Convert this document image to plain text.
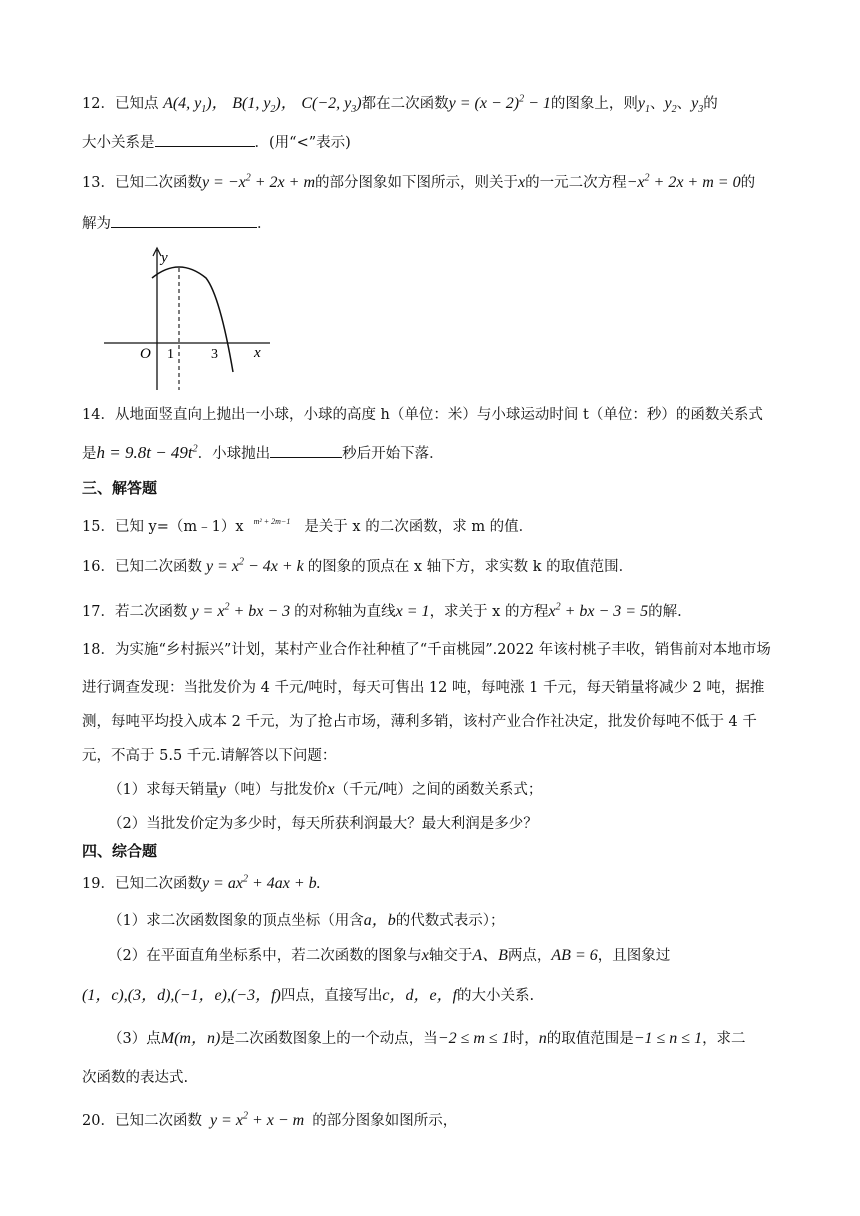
12．已知点 A(4, $y_1$)， B(1, $y_2$)， C(−2, $y_3$)都在二次函数$y = (x - 2)^2 - 1$的图象上，则$y_1$、$y_2$、$y_3$的
大小关系是	．(用“<”表示)
13．已知二次函数$y = -x^2 + 2x + m$的部分图象如下图所示，则关于x的一元二次方程$-x^2 + 2x + m = 0$的
解为	．
y
x
O 1	3
14．从地面竖直向上抛出一小球，小球的高度 h（单位：米）与小球运动时间 t（单位：秒）的函数关系式
是$h = 9.8t - 49t^2$．小球抛出	秒后开始下落．
三、解答题
15．已知 y=（m﹣1）x $^{m^2 + 2m-1}$ 是关于 x 的二次函数，求 m 的值．
16．已知二次函数 $y = x^2 - 4x + k$ 的图象的顶点在 x 轴下方，求实数 k 的取值范围．
17．若二次函数 $y = x^2$ + bx − 3 的对称轴为直线x = 1，求关于 x 的方程$x^2$ + bx − 3 = 5的解.
18．为实施“乡村振兴”计划，某村产业合作社种植了“千亩桃园”.2022 年该村桃子丰收，销售前对本地市场
进行调查发现：当批发价为 4 千元/吨时，每天可售出 12 吨，每吨涨 1 千元，每天销量将减少 2 吨，据推
测，每吨平均投入成本 2 千元，为了抢占市场，薄利多销，该村产业合作社决定，批发价每吨不低于 4 千
元，不高于 5.5 千元.请解答以下问题：
（1）求每天销量y（吨）与批发价x（千元/吨）之间的函数关系式；
（2）当批发价定为多少时，每天所获利润最大？最大利润是多少？
四、综合题
19．已知二次函数$y = ax^2 + 4ax + b$.
（1）求二次函数图象的顶点坐标（用含a，b的代数式表示）；
（2）在平面直角坐标系中，若二次函数的图象与x轴交于A、B两点，AB = 6，且图象过
(1，c),(3，d),(−1，e),(−3，f)四点，直接写出c，d，e，f的大小关系.
（3）点M(m，n)是二次函数图象上的一个动点，当−2 ≤ m ≤ 1时，n的取值范围是−1 ≤ n ≤ 1，求二
次函数的表达式.
20．已知二次函数 $y = x^2 + x - m$ 的部分图象如图所示，
